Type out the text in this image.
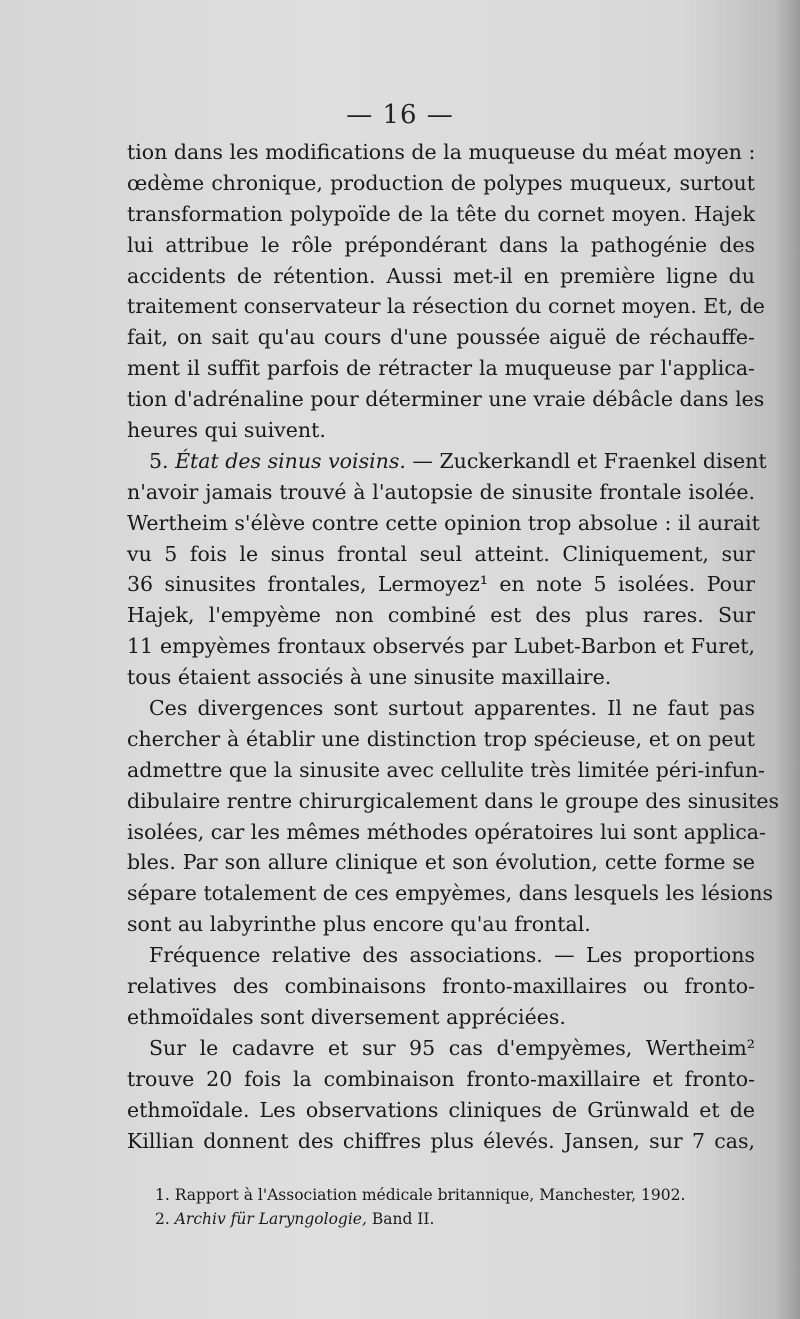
— 16 —
tion dans les modifications de la muqueuse du méat moyen :
œdème chronique, production de polypes muqueux, surtout
transformation polypoïde de la tête du cornet moyen. Hajek
lui attribue le rôle prépondérant dans la pathogénie des
accidents de rétention. Aussi met-il en première ligne du
traitement conservateur la résection du cornet moyen. Et, de
fait, on sait qu'au cours d'une poussée aiguë de réchauffe-
ment il suffit parfois de rétracter la muqueuse par l'applica-
tion d'adrénaline pour déterminer une vraie débâcle dans les
heures qui suivent.
5. État des sinus voisins. — Zuckerkandl et Fraenkel disent
n'avoir jamais trouvé à l'autopsie de sinusite frontale isolée.
Wertheim s'élève contre cette opinion trop absolue : il aurait
vu 5 fois le sinus frontal seul atteint. Cliniquement, sur
36 sinusites frontales, Lermoyez¹ en note 5 isolées. Pour
Hajek, l'empyème non combiné est des plus rares. Sur
11 empyèmes frontaux observés par Lubet-Barbon et Furet,
tous étaient associés à une sinusite maxillaire.
Ces divergences sont surtout apparentes. Il ne faut pas
chercher à établir une distinction trop spécieuse, et on peut
admettre que la sinusite avec cellulite très limitée péri-infun-
dibulaire rentre chirurgicalement dans le groupe des sinusites
isolées, car les mêmes méthodes opératoires lui sont applica-
bles. Par son allure clinique et son évolution, cette forme se
sépare totalement de ces empyèmes, dans lesquels les lésions
sont au labyrinthe plus encore qu'au frontal.
Fréquence relative des associations. — Les proportions
relatives des combinaisons fronto-maxillaires ou fronto-
ethmoïdales sont diversement appréciées.
Sur le cadavre et sur 95 cas d'empyèmes, Wertheim²
trouve 20 fois la combinaison fronto-maxillaire et fronto-
ethmoïdale. Les observations cliniques de Grünwald et de
Killian donnent des chiffres plus élevés. Jansen, sur 7 cas,
1. Rapport à l'Association médicale britannique, Manchester, 1902.
2. Archiv für Laryngologie, Band II.
